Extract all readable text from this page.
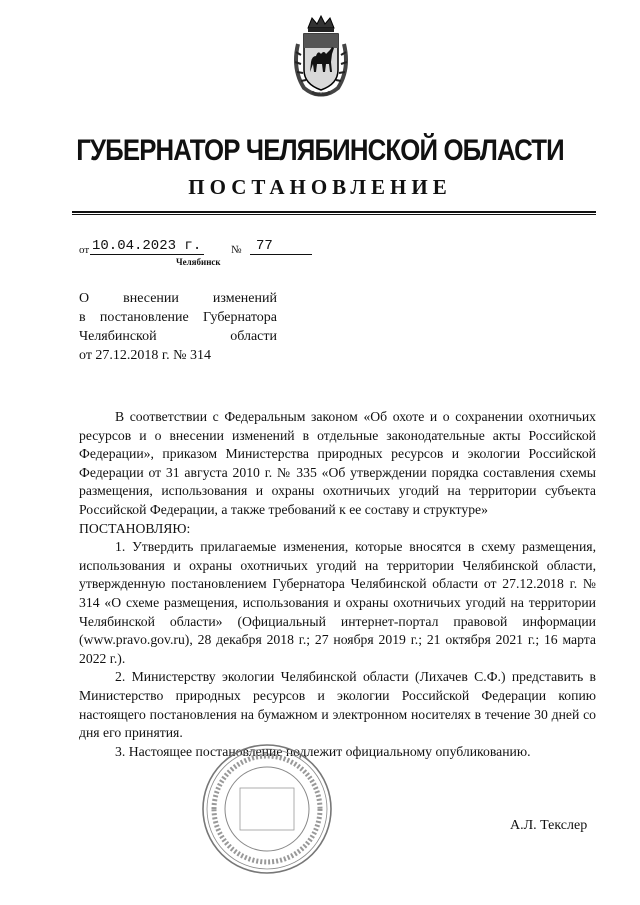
ГУБЕРНАТОР ЧЕЛЯБИНСКОЙ ОБЛАСТИ
ПОСТАНОВЛЕНИЕ
от 10.04.2023 г.	№	77
Челябинск

О внесении изменений

в постановление Губернатора

Челябинской области

от 27.12.2018 г. № 314

В соответствии с Федеральным законом «Об охоте и о сохранении охотничьих ресурсов и о внесении изменений в отдельные законодательные акты Российской Федерации», приказом Министерства природных ресурсов и экологии Российской Федерации от 31 августа 2010 г. № 335 «Об утверждении порядка составления схемы размещения, использования и охраны охотничьих угодий на территории субъекта Российской Федерации, а также требований к ее составу и структуре»

ПОСТАНОВЛЯЮ:

1. Утвердить прилагаемые изменения, которые вносятся в схему размещения, использования и охраны охотничьих угодий на территории Челябинской области, утвержденную постановлением Губернатора Челябинской области от 27.12.2018 г. № 314 «О схеме размещения, использования и охраны охотничьих угодий на территории Челябинской области» (Официальный интернет-портал правовой информации (www.pravo.gov.ru), 28 декабря 2018 г.; 27 ноября 2019 г.; 21 октября 2021 г.; 16 марта 2022 г.).

2. Министерству экологии Челябинской области (Лихачев С.Ф.) представить в Министерство природных ресурсов и экологии Российской Федерации копию настоящего постановления на бумажном и электронном носителях в течение 30 дней со дня его принятия.

3. Настоящее постановление подлежит официальному опубликованию.

А.Л. Текслер
